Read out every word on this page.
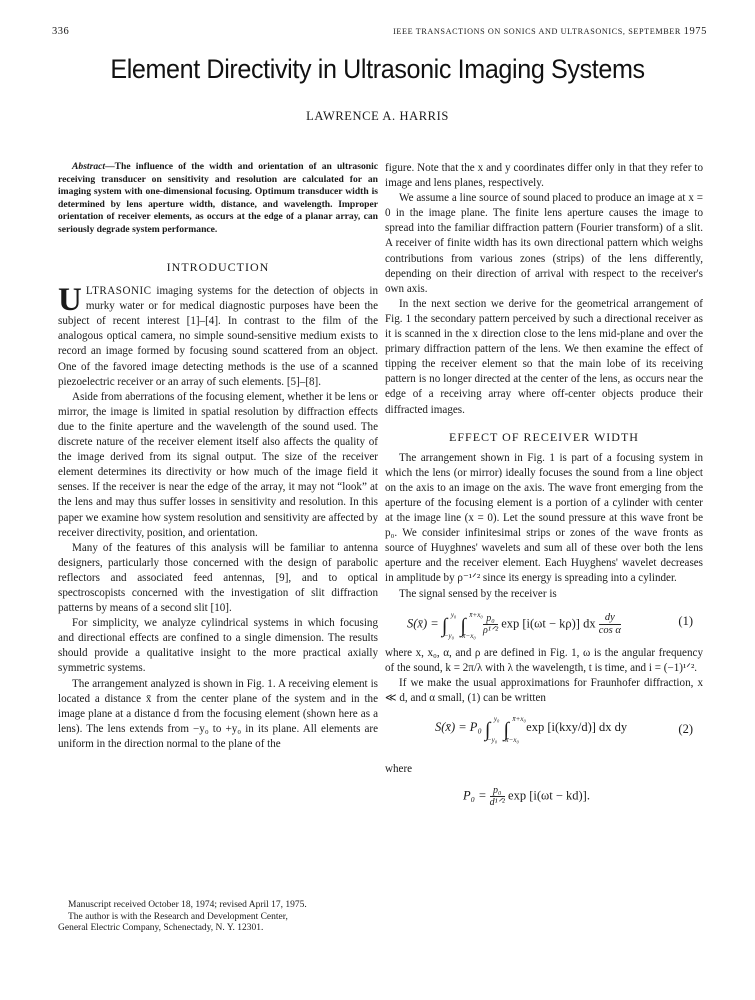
336	IEEE TRANSACTIONS ON SONICS AND ULTRASONICS, SEPTEMBER 1975
Element Directivity in Ultrasonic Imaging Systems
LAWRENCE A. HARRIS

Abstract—The influence of the width and orientation of an ultrasonic receiving transducer on sensitivity and resolution are calculated for an imaging system with one-dimensional focusing. Optimum transducer width is determined by lens aperture width, distance, and wavelength. Improper orientation of receiver elements, as occurs at the edge of a planar array, can seriously degrade system performance.

INTRODUCTION

ULTRASONIC imaging systems for the detection of objects in murky water or for medical diagnostic purposes have been the subject of recent interest [1]–[4]. In contrast to the film of the analogous optical camera, no simple sound-sensitive medium exists to record an image formed by focusing sound scattered from an object. One of the favored image detecting methods is the use of a scanned piezoelectric receiver or an array of such elements. [5]–[8].

Aside from aberrations of the focusing element, whether it be lens or mirror, the image is limited in spatial resolution by diffraction effects due to the finite aperture and the wavelength of the sound used. The discrete nature of the receiver element itself also affects the quality of the image derived from its signal output. The size of the receiver element determines its directivity or how much of the image field it senses. If the receiver is near the edge of the array, it may not “look” at the lens and may thus suffer losses in sensitivity and resolution. In this paper we examine how system resolution and sensitivity are affected by receiver directivity, position, and orientation.

Many of the features of this analysis will be familiar to antenna designers, particularly those concerned with the design of parabolic reflectors and associated feed antennas, [9], and to optical spectroscopists concerned with the investigation of slit diffraction patterns by means of a second slit [10].

For simplicity, we analyze cylindrical systems in which focusing and directional effects are confined to a single dimension. The results should provide a qualitative insight to the more practical axially symmetric systems.

The arrangement analyzed is shown in Fig. 1. A receiving element is located a distance x̄ from the center plane of the system and in the image plane at a distance d from the focusing element (shown here as a lens). The lens extends from −y₀ to +y₀ in its plane. All elements are uniform in the direction normal to the plane of the

Manuscript received October 18, 1974; revised April 17, 1975.

The author is with the Research and Development Center,

General Electric Company, Schenectady, N. Y. 12301.

figure. Note that the x and y coordinates differ only in that they refer to image and lens planes, respectively.

We assume a line source of sound placed to produce an image at x = 0 in the image plane. The finite lens aperture causes the image to spread into the familiar diffraction pattern (Fourier transform) of a slit. A receiver of finite width has its own directional pattern which weighs contributions from various zones (strips) of the lens differently, depending on their direction of arrival with respect to the receiver's own axis.

In the next section we derive for the geometrical arrangement of Fig. 1 the secondary pattern perceived by such a directional receiver as it is scanned in the x direction close to the lens mid-plane and over the primary diffraction pattern of the lens. We then examine the effect of tipping the receiver element so that the main lobe of its receiving pattern is no longer directed at the center of the lens, as occurs near the edge of a receiving array where off-center objects produce their diffracted images.

EFFECT OF RECEIVER WIDTH

The arrangement shown in Fig. 1 is part of a focusing system in which the lens (or mirror) ideally focuses the sound from a line object on the axis to an image on the axis. The wave front emerging from the aperture of the focusing element is a portion of a cylinder with center at the image line (x = 0). Let the sound pressure at this wave front be p₀. We consider infinitesimal strips or zones of the wave fronts as source of Huyghnes' wavelets and sum all of these over both the lens aperture and the receiver element. Each Huyghens' wavelet decreases in amplitude by ρ⁻¹ᐟ² since its energy is spreading into a cylinder.

The signal sensed by the receiver is

S(x̄) = ∫ y₀
−y₀ ∫ x̄+x₀
x̄−x₀

p₀
ρ¹ᐟ²
exp [i(ωt − kρ)] dx $\frac{dy}{\text{cos α}}$	(1)

where x, x₀, α, and ρ are defined in Fig. 1, ω is the angular frequency of the sound, k = 2π/λ with λ the wavelength, t is time, and i = (−1)¹ᐟ².

If we make the usual approximations for Fraunhofer diffraction, x ≪ d, and α small, (1) can be written

S(x̄) = P₀ ∫ y₀
−y₀ ∫ x̄+x₀
x̄−x₀
exp [i(kxy/d)] dx dy	(2)

where

P₀ = p₀
d¹ᐟ²
exp [i(ωt − kd)].
